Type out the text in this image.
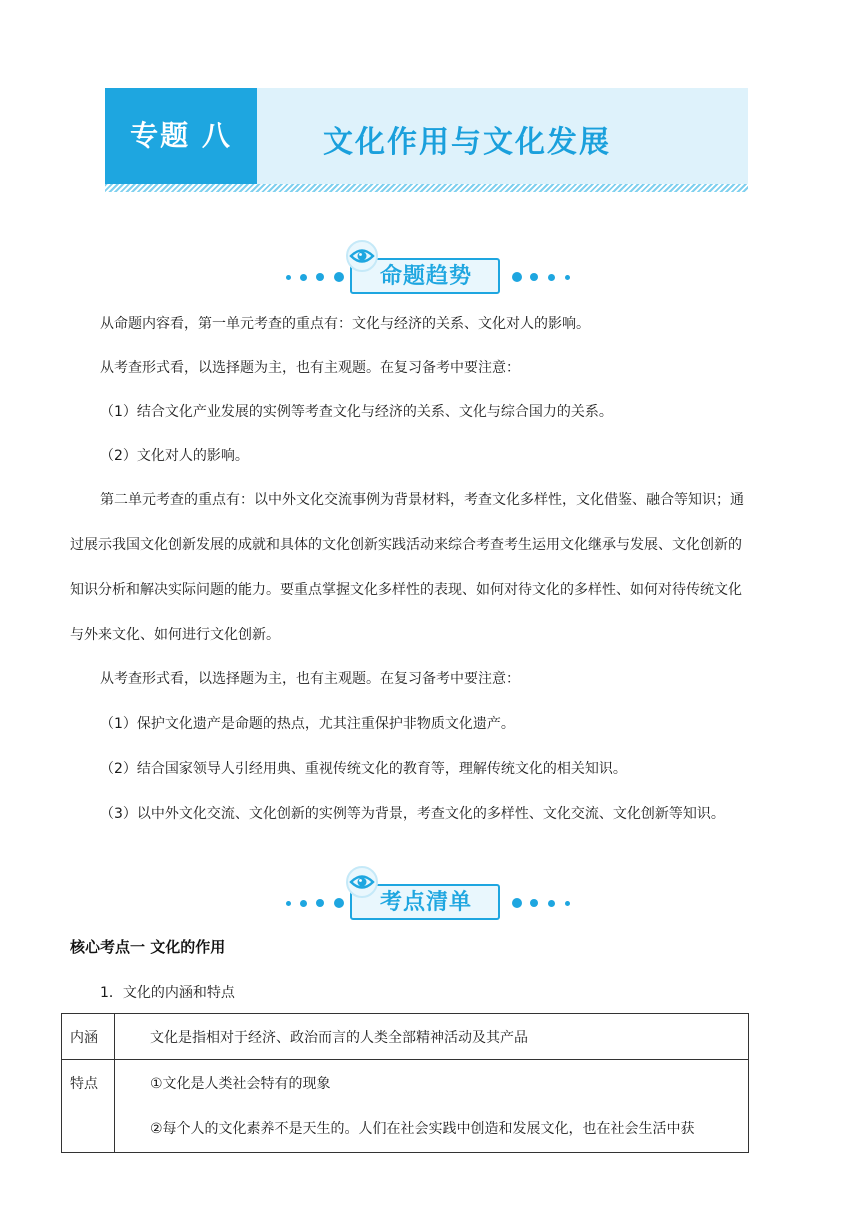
专题 八	文化作用与文化发展
命题趋势
从命题内容看，第一单元考查的重点有：文化与经济的关系、文化对人的影响。
从考查形式看，以选择题为主，也有主观题。在复习备考中要注意：
（1）结合文化产业发展的实例等考查文化与经济的关系、文化与综合国力的关系。
（2）文化对人的影响。
第二单元考查的重点有：以中外文化交流事例为背景材料，考查文化多样性，文化借鉴、融合等知识；通
过展示我国文化创新发展的成就和具体的文化创新实践活动来综合考查考生运用文化继承与发展、文化创新的
知识分析和解决实际问题的能力。要重点掌握文化多样性的表现、如何对待文化的多样性、如何对待传统文化
与外来文化、如何进行文化创新。
从考查形式看，以选择题为主，也有主观题。在复习备考中要注意：
（1）保护文化遗产是命题的热点，尤其注重保护非物质文化遗产。
（2）结合国家领导人引经用典、重视传统文化的教育等，理解传统文化的相关知识。
（3）以中外文化交流、文化创新的实例等为背景，考查文化的多样性、文化交流、文化创新等知识。
考点清单
核心考点一 文化的作用
1．文化的内涵和特点
内涵	文化是指相对于经济、政治而言的人类全部精神活动及其产品
特点	①文化是人类社会特有的现象
②每个人的文化素养不是天生的。人们在社会实践中创造和发展文化，也在社会生活中获
